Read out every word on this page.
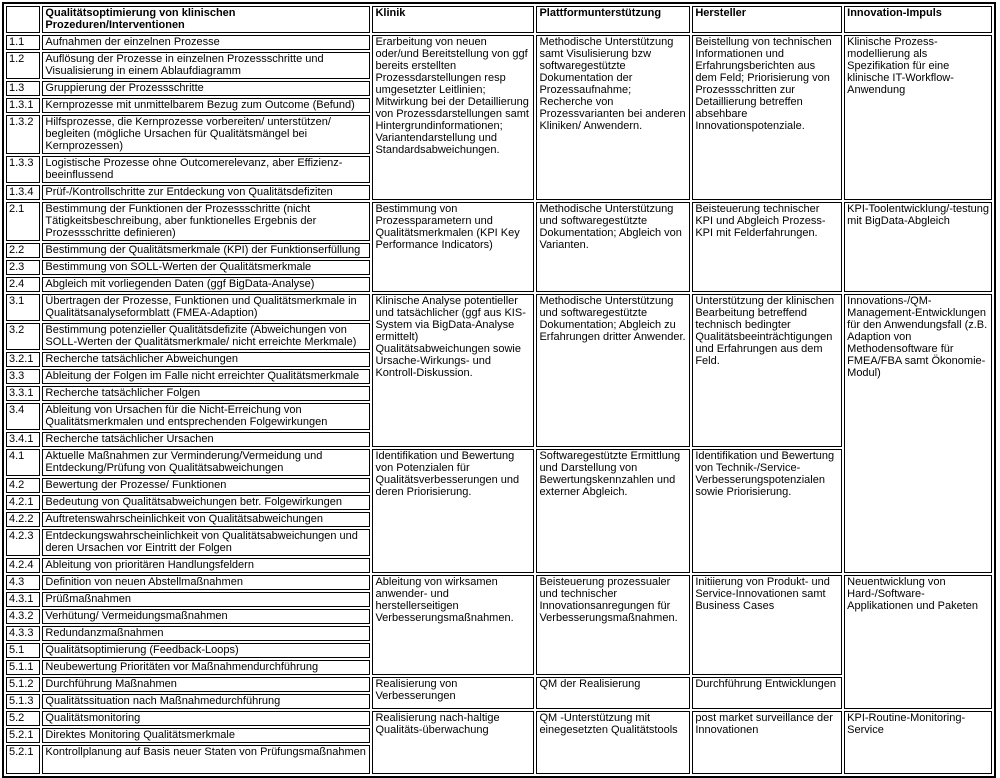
	Qualitätsoptimierung von klinischen Prozeduren/Interventionen	Klinik	Plattformunterstützung	Hersteller	Innovation-Impuls
1.1	Aufnahmen der einzelnen Prozesse	Erarbeitung von neuen oder/und Bereitstellung von ggf bereits erstellten Prozessdarstellungen resp umgesetzter Leitlinien; Mitwirkung bei der Detaillierung von Prozessdarstellungen samt Hintergrundinformationen; Variantendarstellung und Standardsabweichungen.	Methodische Unterstützung samt Visulisierung bzw softwaregestützte Dokumentation der Prozessaufnahme; Recherche von Prozessvarianten bei anderen Kliniken/ Anwendern.	Beistellung von technischen Informationen und Erfahrungsberichten aus dem Feld; Priorisierung von Prozessschritten zur Detaillierung betreffen absehbare Innovationspotenziale.	Klinische Prozess-modellierung als Spezifikation für eine klinische IT-Workflow-Anwendung
1.2	Auflösung der Prozesse in einzelnen Prozessschritte und Visualisierung in einem Ablaufdiagramm				
1.3	Gruppierung der Prozessschritte				
1.3.1	Kernprozesse mit unmittelbarem Bezug zum Outcome (Befund)				
1.3.2	Hilfsprozesse, die Kernprozesse vorbereiten/ unterstützen/ begleiten (mögliche Ursachen für Qualitätsmängel bei Kernprozessen)				
1.3.3	Logistische Prozesse ohne Outcomerelevanz, aber Effizienz-beeinflussend				
1.3.4	Prüf-/Kontrollschritte zur Entdeckung von Qualitätsdefiziten				
2.1	Bestimmung der Funktionen der Prozessschritte (nicht Tätigkeitsbeschreibung, aber funktionelles Ergebnis der Prozessschritte definieren)	Bestimmung von Prozessparametern und Qualitätsmerkmalen (KPI Key Performance Indicators)	Methodische Unterstützung und softwaregestützte Dokumentation; Abgleich von Varianten.	Beisteuerung technischer KPI und Abgleich Prozess-KPI mit Felderfahrungen.	KPI-Toolentwicklung/-testung mit BigData-Abgleich
2.2	Bestimmung der Qualitätsmerkmale (KPI) der Funktionserfüllung				
2.3	Bestimmung von SOLL-Werten der Qualitätsmerkmale				
2.4	Abgleich mit vorliegenden Daten (ggf BigData-Analyse)				
3.1	Übertragen der Prozesse, Funktionen und Qualitätsmerkmale in Qualitätsanalyseformblatt (FMEA-Adaption)	Klinische Analyse potentieller und tatsächlicher (ggf aus KIS-System via BigData-Analyse ermittelt) Qualitätsabweichungen sowie Ursache-Wirkungs- und Kontroll-Diskussion.	Methodische Unterstützung und softwaregestützte Dokumentation; Abgleich zu Erfahrungen dritter Anwender.	Unterstützung der klinischen Bearbeitung betreffend technisch bedingter Qualitätsbeeinträchtigungen und Erfahrungen aus dem Feld.	Innovations-/QM-Management-Entwicklungen für den Anwendungsfall (z.B. Adaption von Methodensoftware für FMEA/FBA samt Ökonomie-Modul)
3.2	Bestimmung potenzieller Qualitätsdefizite (Abweichungen von SOLL-Werten der Qualitätsmerkmale/ nicht erreichte Merkmale)				
3.2.1	Recherche tatsächlicher Abweichungen				
3.3	Ableitung der Folgen im Falle nicht erreichter Qualitätsmerkmale				
3.3.1	Recherche tatsächlicher Folgen				
3.4	Ableitung von Ursachen für die Nicht-Erreichung von Qualitätsmerkmalen und entsprechenden Folgewirkungen				
3.4.1	Recherche tatsächlicher Ursachen				
4.1	Aktuelle Maßnahmen zur Verminderung/Vermeidung und Entdeckung/Prüfung von Qualitätsabweichungen	Identifikation und Bewertung von Potenzialen für Qualitätsverbesserungen und deren Priorisierung.	Softwaregestützte Ermittlung und Darstellung von Bewertungskennzahlen und externer Abgleich.	Identifikation und Bewertung von Technik-/Service-Verbesserungspotenzialen sowie Priorisierung.	
4.2	Bewertung der Prozesse/ Funktionen				
4.2.1	Bedeutung von Qualitätsabweichungen betr. Folgewirkungen				
4.2.2	Auftretenswahrscheinlichkeit von Qualitätsabweichungen				
4.2.3	Entdeckungswahrscheinlichkeit von Qualitätsabweichungen und deren Ursachen vor Eintritt der Folgen				
4.2.4	Ableitung von prioritären Handlungsfeldern				
4.3	Definition von neuen Abstellmaßnahmen	Ableitung von wirksamen anwender- und herstellerseitigen Verbesserungsmaßnahmen.	Beisteuerung prozessualer und technischer Innovationsanregungen für Verbesserungsmaßnahmen.	Initiierung von Produkt- und Service-Innovationen samt Business Cases	Neuentwicklung von Hard-/Software-Applikationen und Paketen
4.3.1	Prüßmaßnahmen				
4.3.2	Verhütung/ Vermeidungsmaßnahmen				
4.3.3	Redundanzmaßnahmen				
5.1	Qualitätsoptimierung (Feedback-Loops)				
5.1.1	Neubewertung Prioritäten vor Maßnahmendurchführung				
5.1.2	Durchführung Maßnahmen	Realisierung von Verbesserungen	QM der Realisierung	Durchführung Entwicklungen	
5.1.3	Qualitätssituation nach Maßnahmedurchführung				
5.2	Qualitätsmonitoring	Realisierung nach-haltige Qualitäts-überwachung	QM -Unterstützung mit einegesetzten Qualitätstools	post market surveillance der Innovationen	KPI-Routine-Monitoring-Service
5.2.1	Direktes Monitoring Qualitätsmerkmale				
5.2.1	Kontrollplanung auf Basis neuer Staten von Prüfungsmaßnahmen				
